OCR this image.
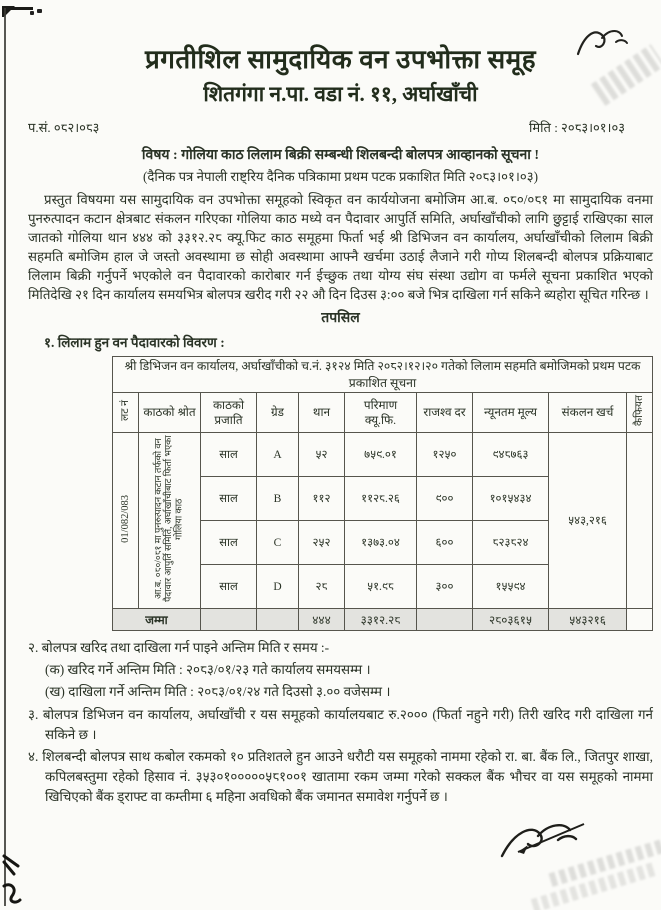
प्रगतीशिल सामुदायिक वन उपभोक्ता समूह
शितगंगा न.पा. वडा नं. ११, अर्घाखाँची
प.सं. ०८२।०८३	मिति : २०८३।०१।०३
विषय : गोलिया काठ लिलाम बिक्री सम्बन्धी शिलबन्दी बोलपत्र आव्हानको सूचना !
(दैनिक पत्र नेपाली राष्ट्रिय दैनिक पत्रिकामा प्रथम पटक प्रकाशित मिति २०८३।०१।०३)

प्रस्तुत विषयमा यस सामुदायिक वन उपभोक्ता समूहको स्विकृत वन कार्ययोजना बमोजिम आ.ब. ०८०/०८१ मा सामुदायिक वनमा पुनरुत्पादन कटान क्षेत्रबाट संकलन गरिएका गोलिया काठ मध्ये वन पैदावार आपुर्ति समिति, अर्घाखाँचीको लागि छुट्टाई राखिएका साल जातको गोलिया थान ४४४ को ३३१२.२८ क्यू.फिट काठ समूहमा फिर्ता भई श्री डिभिजन वन कार्यालय, अर्घाखाँचीको लिलाम बिक्री सहमति बमोजिम हाल जे जस्तो अवस्थामा छ सोही अवस्थामा आफ्नै खर्चमा उठाई लैजाने गरी गोप्य शिलबन्दी बोलपत्र प्रक्रियाबाट लिलाम बिक्री गर्नुपर्ने भएकोले वन पैदावारको कारोबार गर्न ईच्छुक तथा योग्य संघ संस्था उद्योग वा फर्मले सूचना प्रकाशित भएको मितिदेखि २१ दिन कार्यालय समयभित्र बोलपत्र खरीद गरी २२ औ दिन दिउस ३:०० बजे भित्र दाखिला गर्न सकिने ब्यहोरा सूचित गरिन्छ ।

तपसिल
१. लिलाम हुन वन पैदावारको विवरण :
श्री डिभिजन वन कार्यालय, अर्घाखाँचीको च.नं. ३१२४ मिति २०८२।१२।२० गतेको लिलाम सहमति बमोजिमको प्रथम पटक प्रकाशित सूचना									
लट नं	काठको श्रोत	काठको प्रजाति	ग्रेड	थान	परिमाण क्यू.फि.	राजश्व दर	न्यूनतम मूल्य	संकलन खर्च	कैफियत
01/082/083	आ.ब. ०८०/०८१ मा पुनरुत्पादन कटान तर्फको वन पैदावार आपुर्ति समिति, अर्घाखाँचीबाट फिर्ता भएका गोलिया काठ	साल	A	५२	७५९.०१	१२५०	९४८७६३	५४३,२१६	
		साल	B	११२	११२८.२६	९००	१०१५४३४		
		साल	C	२५२	१३७३.०४	६००	८२३८२४		
		साल	D	२८	५१.९८	३००	१५५९४		
जम्मा				४४४	३३१२.२८		२८०३६१५	५४३२१६	
२. बोलपत्र खरिद तथा दाखिला गर्न पाइने अन्तिम मिति र समय :-
(क) खरिद गर्ने अन्तिम मिति : २०८३/०१/२३ गते कार्यालय समयसम्म ।
(ख) दाखिला गर्ने अन्तिम मिति : २०८३/०१/२४ गते दिउसो ३.०० वजेसम्म ।
३. बोलपत्र डिभिजन वन कार्यालय, अर्घाखाँची र यस समूहको कार्यालयबाट रु.२००० (फिर्ता नहुने गरी) तिरी खरिद गरी दाखिला गर्न सकिने छ ।
४. शिलबन्दी बोलपत्र साथ कबोल रकमको १० प्रतिशतले हुन आउने धरौटी यस समूहको नाममा रहेको रा. बा. बैंक लि., जितपुर शाखा, कपिलबस्तुमा रहेको हिसाव नं. ३५३०१०००००५८१००१ खातामा रकम जम्मा गरेको सक्कल बैंक भौचर वा यस समूहको नाममा खिचिएको बैंक ड्राफ्ट वा कम्तीमा ६ महिना अवधिको बैंक जमानत समावेश गर्नुपर्ने छ ।
